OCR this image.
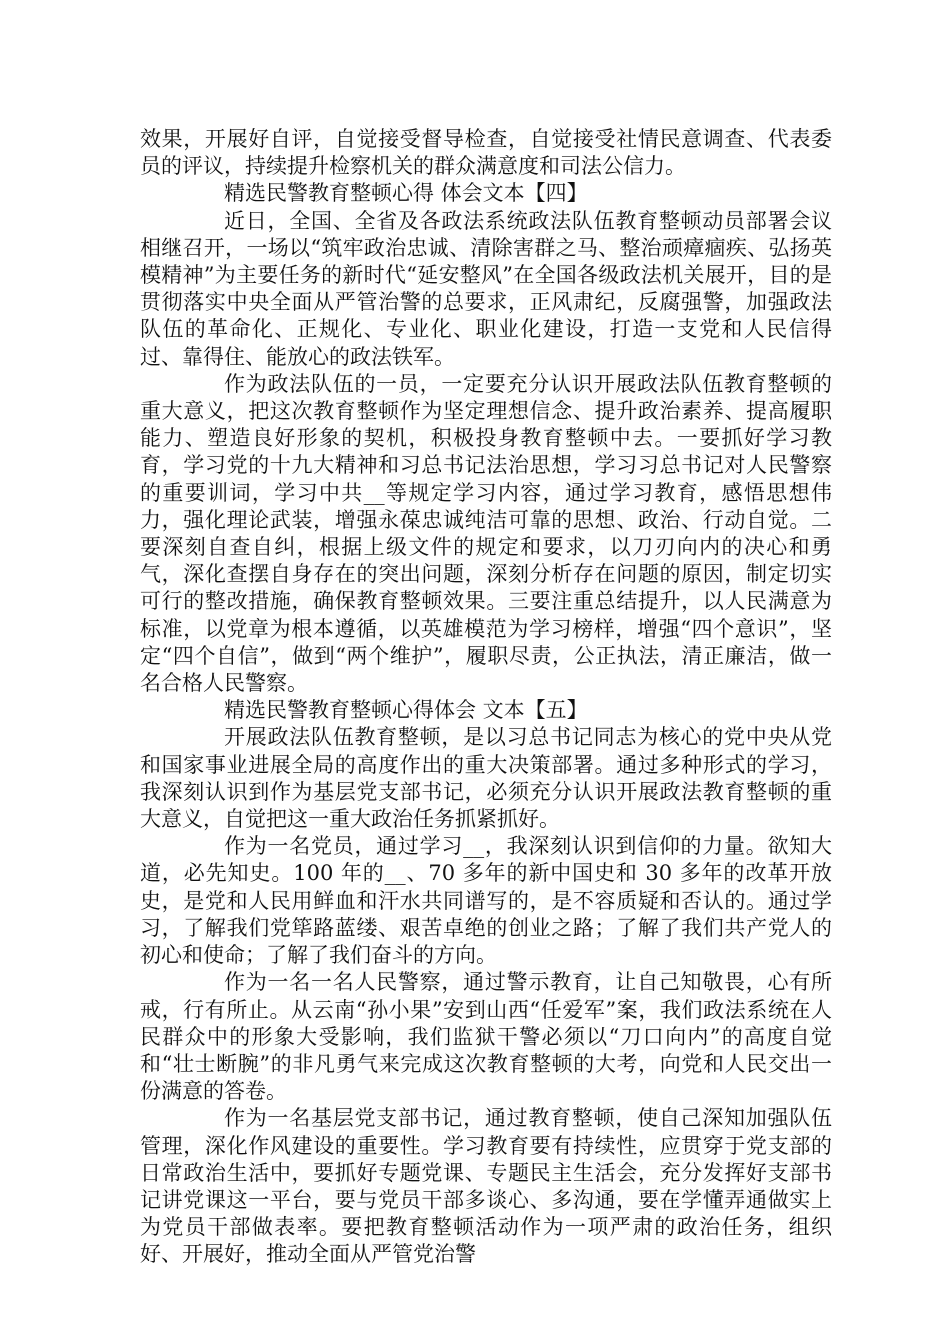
效果，开展好自评，自觉接受督导检查，自觉接受社情民意调查、代表委员的评议，持续提升检察机关的群众满意度和司法公信力。

精选民警教育整顿心得 体会文本【四】

近日，全国、全省及各政法系统政法队伍教育整顿动员部署会议相继召开，一场以“筑牢政治忠诚、清除害群之马、整治顽瘴痼疾、弘扬英模精神”为主要任务的新时代“延安整风”在全国各级政法机关展开，目的是贯彻落实中央全面从严管治警的总要求，正风肃纪，反腐强警，加强政法队伍的革命化、正规化、专业化、职业化建设，打造一支党和人民信得过、靠得住、能放心的政法铁军。

作为政法队伍的一员，一定要充分认识开展政法队伍教育整顿的重大意义，把这次教育整顿作为坚定理想信念、提升政治素养、提高履职能力、塑造良好形象的契机，积极投身教育整顿中去。一要抓好学习教育，学习党的十九大精神和习总书记法治思想，学习习总书记对人民警察的重要训词，学习中共__等规定学习内容，通过学习教育，感悟思想伟力，强化理论武装，增强永葆忠诚纯洁可靠的思想、政治、行动自觉。二要深刻自查自纠，根据上级文件的规定和要求，以刀刃向内的决心和勇气，深化查摆自身存在的突出问题，深刻分析存在问题的原因，制定切实可行的整改措施，确保教育整顿效果。三要注重总结提升，以人民满意为标准，以党章为根本遵循，以英雄模范为学习榜样，增强“四个意识”，坚定“四个自信”，做到“两个维护”，履职尽责，公正执法，清正廉洁，做一名合格人民警察。

精选民警教育整顿心得体会 文本【五】

开展政法队伍教育整顿，是以习总书记同志为核心的党中央从党和国家事业进展全局的高度作出的重大决策部署。通过多种形式的学习，我深刻认识到作为基层党支部书记，必须充分认识开展政法教育整顿的重大意义，自觉把这一重大政治任务抓紧抓好。

作为一名党员，通过学习__，我深刻认识到信仰的力量。欲知大道，必先知史。100 年的__、70 多年的新中国史和 30 多年的改革开放史，是党和人民用鲜血和汗水共同谱写的，是不容质疑和否认的。通过学习，了解我们党筚路蓝缕、艰苦卓绝的创业之路；了解了我们共产党人的初心和使命；了解了我们奋斗的方向。

作为一名一名人民警察，通过警示教育，让自己知敬畏，心有所戒，行有所止。从云南“孙小果”安到山西“任爱军”案，我们政法系统在人民群众中的形象大受影响，我们监狱干警必须以“刀口向内”的高度自觉和“壮士断腕”的非凡勇气来完成这次教育整顿的大考，向党和人民交出一份满意的答卷。

作为一名基层党支部书记，通过教育整顿，使自己深知加强队伍管理，深化作风建设的重要性。学习教育要有持续性，应贯穿于党支部的日常政治生活中，要抓好专题党课、专题民主生活会，充分发挥好支部书记讲党课这一平台，要与党员干部多谈心、多沟通，要在学懂弄通做实上为党员干部做表率。要把教育整顿活动作为一项严肃的政治任务，组织好、开展好，推动全面从严管党治警
